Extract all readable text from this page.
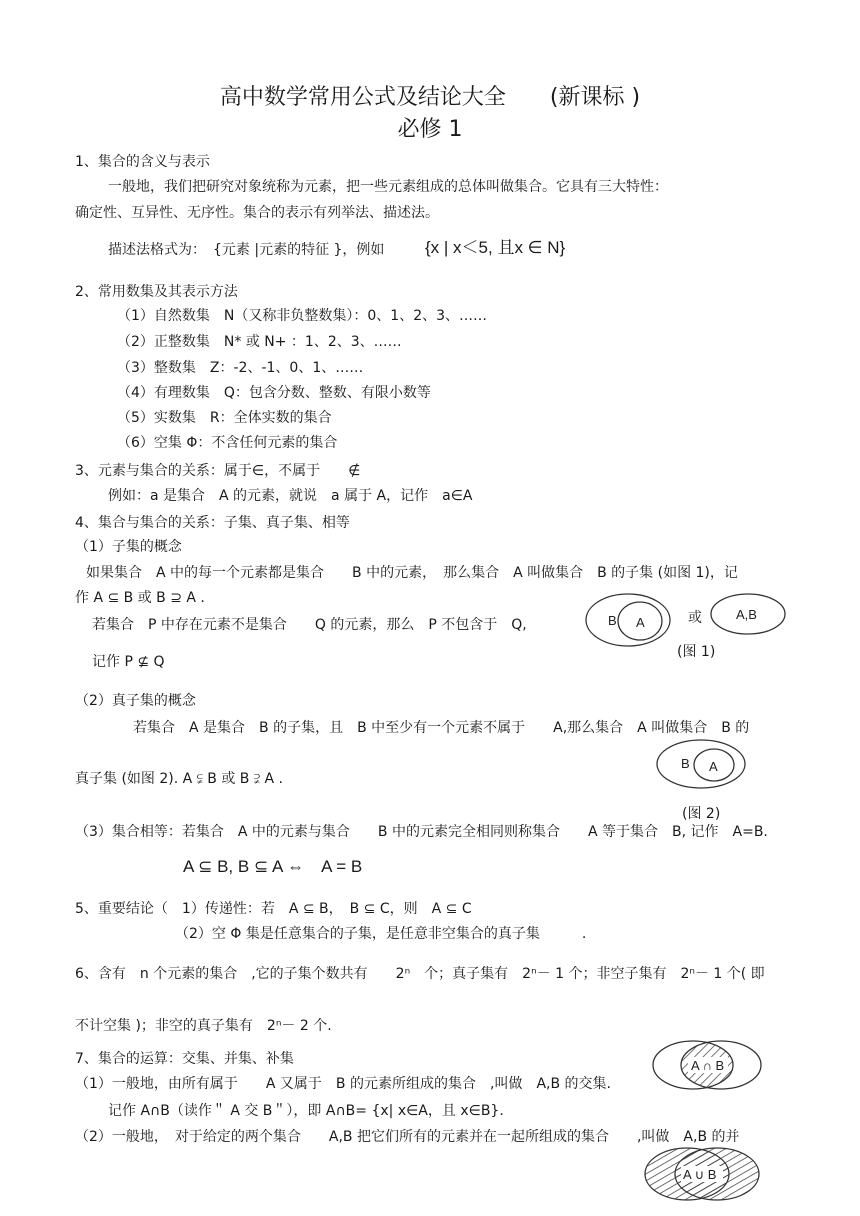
高中数学常用公式及结论大全　　(新课标 )
必修 1
1、集合的含义与表示
一般地，我们把研究对象统称为元素，把一些元素组成的总体叫做集合。它具有三大特性：
确定性、互异性、无序性。集合的表示有列举法、描述法。
描述法格式为：　{元素 |元素的特征 }，例如 {x | x＜5, 且x ∈ N}
2、常用数集及其表示方法
（1）自然数集　N（又称非负整数集）：0、1、2、3、……
（2）正整数集　N* 或 N+ ：1、2、3、……
（3）整数集　Z：-2、-1、0、1、……
（4）有理数集　Q：包含分数、整数、有限小数等
（5）实数集　R：全体实数的集合
（6）空集 Φ：不含任何元素的集合
3、元素与集合的关系：属于∈，不属于　　∉
例如：a 是集合　A 的元素，就说　a 属于 A，记作　a∈A
4、集合与集合的关系：子集、真子集、相等
（1）子集的概念
如果集合　A 中的每一个元素都是集合　　B 中的元素，　那么集合　A 叫做集合　B 的子集 (如图 1)，记
作 A ⊆ B 或 B ⊇ A .
若集合　P 中存在元素不是集合　　Q 的元素，那么　P 不包含于　Q,
记作 P ⊈ Q
B A	或	A,B
(图 1)
（2）真子集的概念
若集合　A 是集合　B 的子集，且　B 中至少有一个元素不属于　　A,那么集合　A 叫做集合　B 的
真子集 (如图 2). A ⫋ B 或 B ⫌ A .
B A
(图 2)
（3）集合相等：若集合　A 中的元素与集合　　B 中的元素完全相同则称集合　　A 等于集合　B, 记作　A=B.
A ⊆ B, B ⊆ A ⇔　A = B
5、重要结论（　1）传递性：若　A ⊆ B，　B ⊆ C，则　A ⊆ C
（2）空 Φ 集是任意集合的子集，是任意非空集合的真子集　　　.
6、含有　n 个元素的集合　,它的子集个数共有　　2ⁿ　个；真子集有　2ⁿ－ 1 个；非空子集有　2ⁿ－ 1 个( 即
不计空集 )；非空的真子集有　2ⁿ－ 2 个.
7、集合的运算：交集、并集、补集
（1）一般地，由所有属于　　A 又属于　B 的元素所组成的集合　,叫做　A,B 的交集.
记作 A∩B（读作＂ A 交 B＂），即 A∩B= {x| x∈A，且 x∈B}.
（2）一般地，　对于给定的两个集合　　A,B 把它们所有的元素并在一起所组成的集合　　,叫做　A,B 的并
A ∩ B
A ∪ B
